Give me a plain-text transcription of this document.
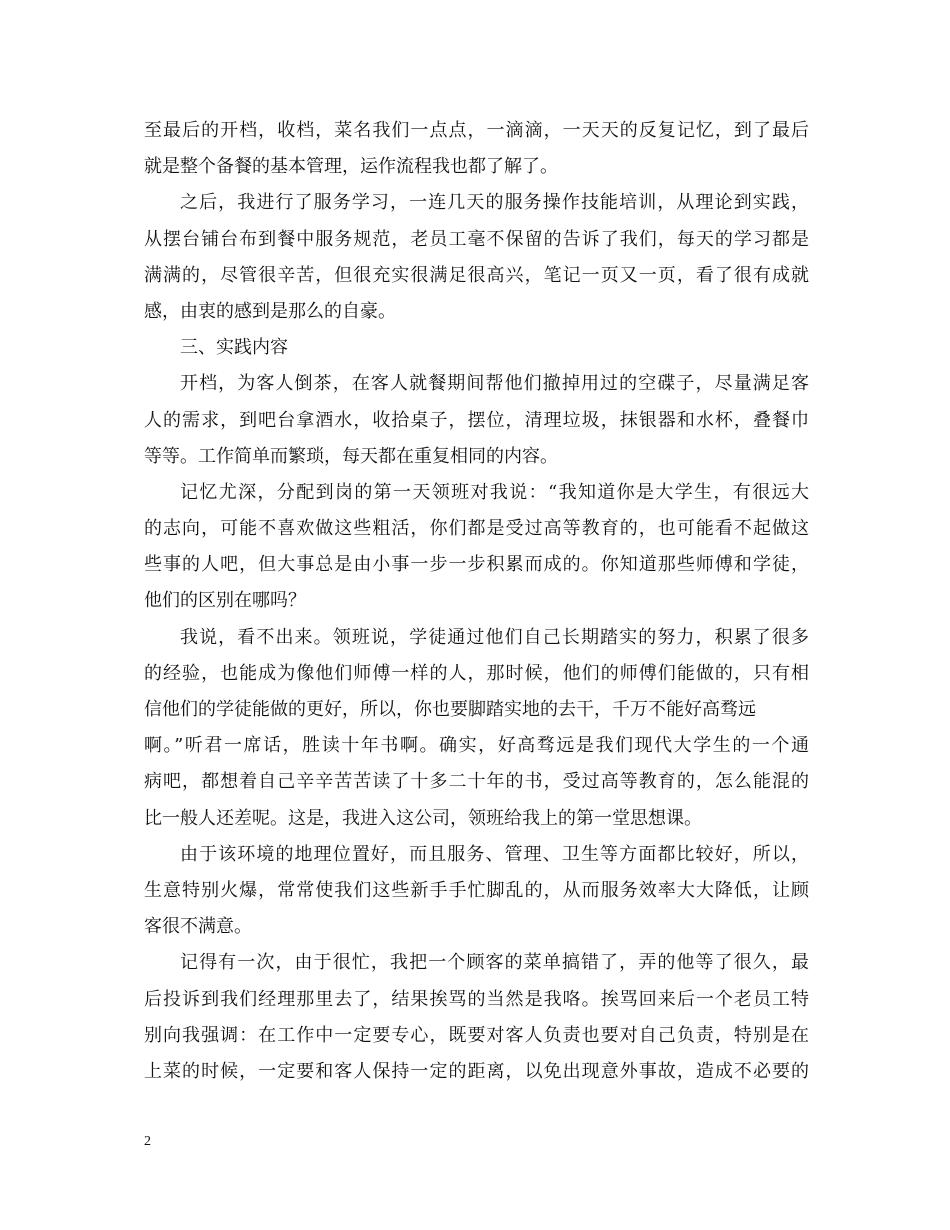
至最后的开档，收档，菜名我们一点点，一滴滴，一天天的反复记忆，到了最后
就是整个备餐的基本管理，运作流程我也都了解了。
之后，我进行了服务学习，一连几天的服务操作技能培训，从理论到实践，
从摆台铺台布到餐中服务规范，老员工毫不保留的告诉了我们，每天的学习都是
满满的，尽管很辛苦，但很充实很满足很高兴，笔记一页又一页，看了很有成就
感，由衷的感到是那么的自豪。
三、实践内容
开档，为客人倒茶，在客人就餐期间帮他们撤掉用过的空碟子，尽量满足客
人的需求，到吧台拿酒水，收拾桌子，摆位，清理垃圾，抹银器和水杯，叠餐巾
等等。工作简单而繁琐，每天都在重复相同的内容。
记忆尤深，分配到岗的第一天领班对我说：“我知道你是大学生，有很远大
的志向，可能不喜欢做这些粗活，你们都是受过高等教育的，也可能看不起做这
些事的人吧，但大事总是由小事一步一步积累而成的。你知道那些师傅和学徒，
他们的区别在哪吗？
我说，看不出来。领班说，学徒通过他们自己长期踏实的努力，积累了很多
的经验，也能成为像他们师傅一样的人，那时候，他们的师傅们能做的，只有相
信他们的学徒能做的更好，所以，你也要脚踏实地的去干，千万不能好高骛远
啊。”听君一席话，胜读十年书啊。确实，好高骛远是我们现代大学生的一个通
病吧，都想着自己辛辛苦苦读了十多二十年的书，受过高等教育的，怎么能混的
比一般人还差呢。这是，我进入这公司，领班给我上的第一堂思想课。
由于该环境的地理位置好，而且服务、管理、卫生等方面都比较好，所以，
生意特别火爆，常常使我们这些新手手忙脚乱的，从而服务效率大大降低，让顾
客很不满意。
记得有一次，由于很忙，我把一个顾客的菜单搞错了，弄的他等了很久，最
后投诉到我们经理那里去了，结果挨骂的当然是我咯。挨骂回来后一个老员工特
别向我强调：在工作中一定要专心，既要对客人负责也要对自己负责，特别是在
上菜的时候，一定要和客人保持一定的距离，以免出现意外事故，造成不必要的
2
